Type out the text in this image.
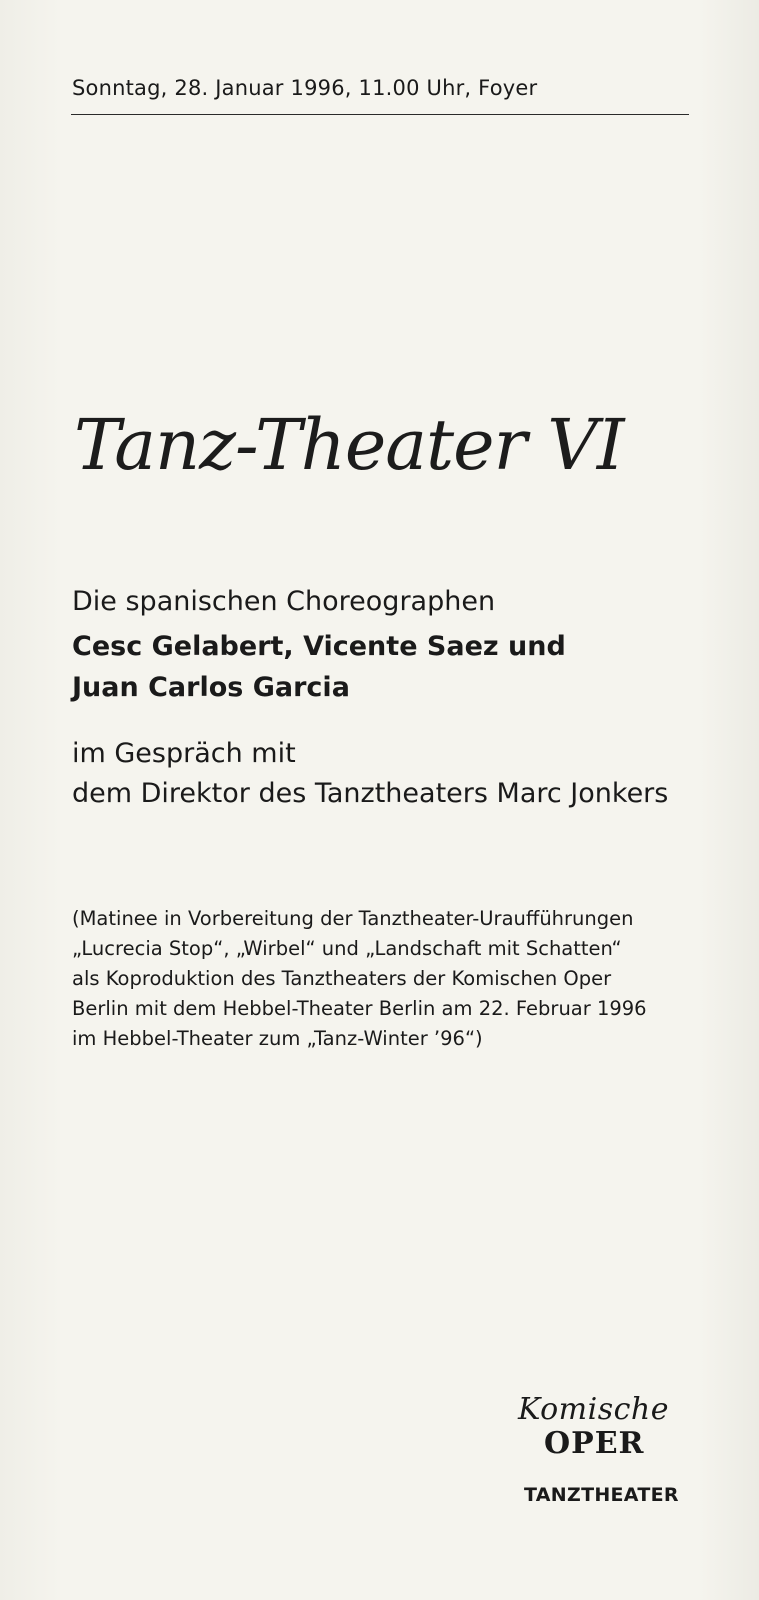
Sonntag, 28. Januar 1996, 11.00 Uhr, Foyer
Tanz-Theater VI
Die spanischen Choreographen
Cesc Gelabert, Vicente Saez und
Juan Carlos Garcia
im Gespräch mit
dem Direktor des Tanztheaters Marc Jonkers
(Matinee in Vorbereitung der Tanztheater-Uraufführungen
„Lucrecia Stop“, „Wirbel“ und „Landschaft mit Schatten“
als Koproduktion des Tanztheaters der Komischen Oper
Berlin mit dem Hebbel-Theater Berlin am 22. Februar 1996
im Hebbel-Theater zum „Tanz-Winter ’96“)
Komische
OPER
TANZTHEATER
